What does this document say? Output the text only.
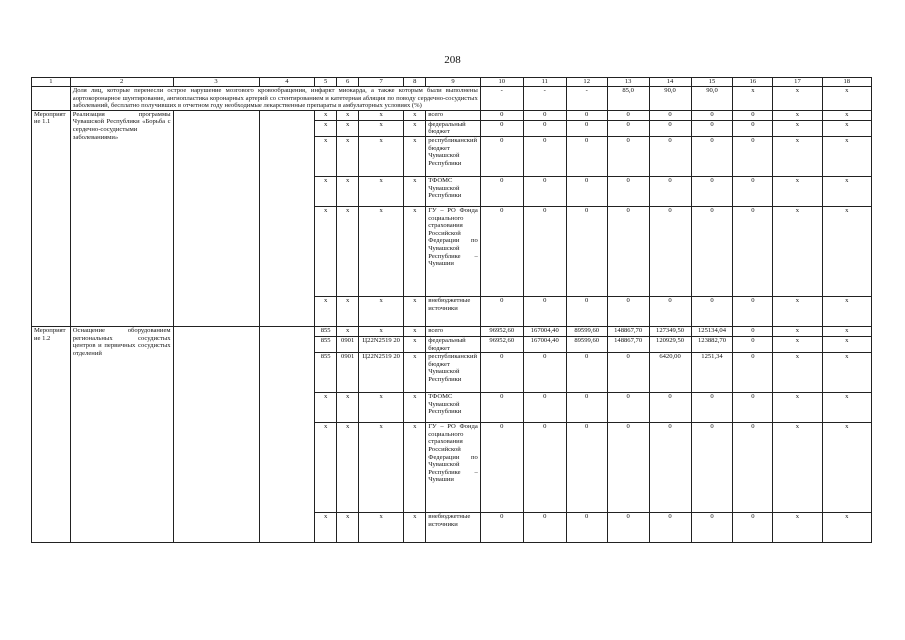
208
1	2	3	4	5	6	7	8	9	10	11	12	13	14	15	16	17	18
	Доля лиц, которые перенесли острое нарушение мозгового кровообращения, инфаркт миокарда, а также которым были выполнены аортокоронарное шунтирование, ангиопластика коронарных артерий со стентированием и катетерная абляция по поводу сердечно-сосудистых заболеваний, бесплатно получивших в отчетном году необходимые лекарственные препараты в амбулаторных условиях (%)								-	-	-	85,0	90,0	90,0	x	x	x
Мероприятие 1.1	Реализация программы Чувашской Республики «Борьба с сердечно-сосудистыми заболеваниями»			x	x	x	x	всего	0	0	0	0	0	0	0	x	x
				x	x	x	x	федеральный бюджет	0	0	0	0	0	0	0	x	x
				x	x	x	x	республиканский бюджет Чувашской Республики	0	0	0	0	0	0	0	x	x
				x	x	x	x	ТФОМС Чувашской Республики	0	0	0	0	0	0	0	x	x
				x	x	x	x	ГУ – РО Фонда социального страхования Российской Федерации по Чувашской Республике – Чувашии	0	0	0	0	0	0	0	x	x
				x	x	x	x	внебюджетные источники	0	0	0	0	0	0	0	x	x
Мероприятие 1.2	Оснащение оборудованием региональных сосудистых центров и первичных сосудистых отделений			855	x	x	x	всего	96952,60	167004,40	89599,60	148867,70	127349,50	125134,04	0	x	x
				855	0901	Ц22N2519 20	x	федеральный бюджет	96952,60	167004,40	89599,60	148867,70	120929,50	123882,70	0	x	x
				855	0901	Ц22N2519 20	x	республиканский бюджет Чувашской Республики	0	0	0	0	6420,00	1251,34	0	x	x
				x	x	x	x	ТФОМС Чувашской Республики	0	0	0	0	0	0	0	x	x
				x	x	x	x	ГУ – РО Фонда социального страхования Российской Федерации по Чувашской Республике – Чувашии	0	0	0	0	0	0	0	x	x
				x	x	x	x	внебюджетные источники	0	0	0	0	0	0	0	x	x
